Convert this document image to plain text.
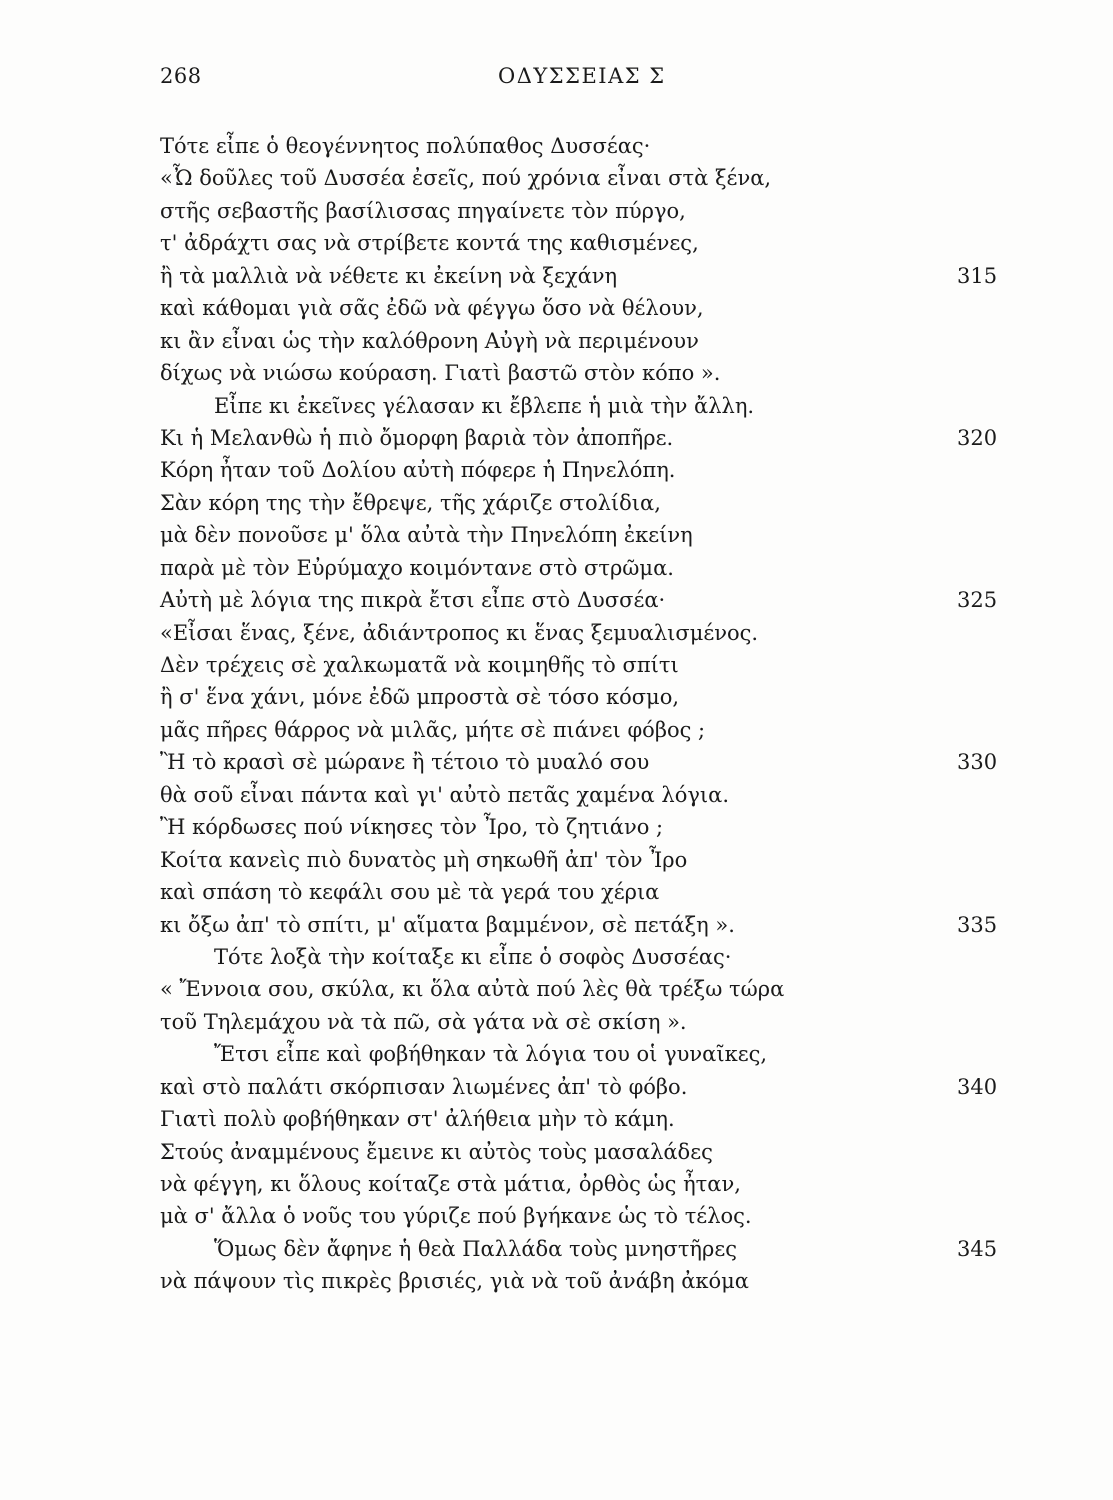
268	ΟΔΥΣΣΕΙΑΣ Σ
Τότε εἶπε ὁ θεογέννητος πολύπαθος Δυσσέας·
«Ὦ δοῦλες τοῦ Δυσσέα ἐσεῖς, πού χρόνια εἶναι στὰ ξένα,
στῆς σεβαστῆς βασίλισσας πηγαίνετε τὸν πύργο,
τ' ἀδράχτι σας νὰ στρίβετε κοντά της καθισμένες,
ἢ τὰ μαλλιὰ νὰ νέθετε κι ἐκείνη νὰ ξεχάνη	315
καὶ κάθομαι γιὰ σᾶς ἐδῶ νὰ φέγγω ὅσο νὰ θέλουν,
κι ἂν εἶναι ὡς τὴν καλόθρονη Αὐγὴ νὰ περιμένουν
δίχως νὰ νιώσω κούραση. Γιατὶ βαστῶ στὸν κόπο ».
Εἶπε κι ἐκεῖνες γέλασαν κι ἔβλεπε ἡ μιὰ τὴν ἄλλη.
Κι ἡ Μελανθὼ ἡ πιὸ ὄμορφη βαριὰ τὸν ἀποπῆρε.	320
Κόρη ἦταν τοῦ Δολίου αὐτὴ πόφερε ἡ Πηνελόπη.
Σὰν κόρη της τὴν ἔθρεψε, τῆς χάριζε στολίδια,
μὰ δὲν πονοῦσε μ' ὅλα αὐτὰ τὴν Πηνελόπη ἐκείνη
παρὰ μὲ τὸν Εὐρύμαχο κοιμόντανε στὸ στρῶμα.
Αὐτὴ μὲ λόγια της πικρὰ ἔτσι εἶπε στὸ Δυσσέα·	325
«Εἶσαι ἕνας, ξένε, ἀδιάντροπος κι ἕνας ξεμυαλισμένος.
Δὲν τρέχεις σὲ χαλκωματᾶ νὰ κοιμηθῆς τὸ σπίτι
ἢ σ' ἕνα χάνι, μόνε ἐδῶ μπροστὰ σὲ τόσο κόσμο,
μᾶς πῆρες θάρρος νὰ μιλᾶς, μήτε σὲ πιάνει φόβος ;
Ἢ τὸ κρασὶ σὲ μώρανε ἢ τέτοιο τὸ μυαλό σου	330
θὰ σοῦ εἶναι πάντα καὶ γι' αὐτὸ πετᾶς χαμένα λόγια.
Ἢ κόρδωσες πού νίκησες τὸν Ἶρο, τὸ ζητιάνο ;
Κοίτα κανεὶς πιὸ δυνατὸς μὴ σηκωθῆ ἀπ' τὸν Ἶρο
καὶ σπάση τὸ κεφάλι σου μὲ τὰ γερά του χέρια
κι ὄξω ἀπ' τὸ σπίτι, μ' αἵματα βαμμένον, σὲ πετάξη ».	335
Τότε λοξὰ τὴν κοίταξε κι εἶπε ὁ σοφὸς Δυσσέας·
« Ἔννοια σου, σκύλα, κι ὅλα αὐτὰ πού λὲς θὰ τρέξω τώρα
τοῦ Τηλεμάχου νὰ τὰ πῶ, σὰ γάτα νὰ σὲ σκίση ».
Ἔτσι εἶπε καὶ φοβήθηκαν τὰ λόγια του οἱ γυναῖκες,
καὶ στὸ παλάτι σκόρπισαν λιωμένες ἀπ' τὸ φόβο.	340
Γιατὶ πολὺ φοβήθηκαν στ' ἀλήθεια μὴν τὸ κάμη.
Στούς ἀναμμένους ἔμεινε κι αὐτὸς τοὺς μασαλάδες
νὰ φέγγη, κι ὅλους κοίταζε στὰ μάτια, ὀρθὸς ὡς ἦταν,
μὰ σ' ἄλλα ὁ νοῦς του γύριζε πού βγήκανε ὡς τὸ τέλος.
Ὅμως δὲν ἄφηνε ἡ θεὰ Παλλάδα τοὺς μνηστῆρες	345
νὰ πάψουν τὶς πικρὲς βρισιές, γιὰ νὰ τοῦ ἀνάβη ἀκόμα
